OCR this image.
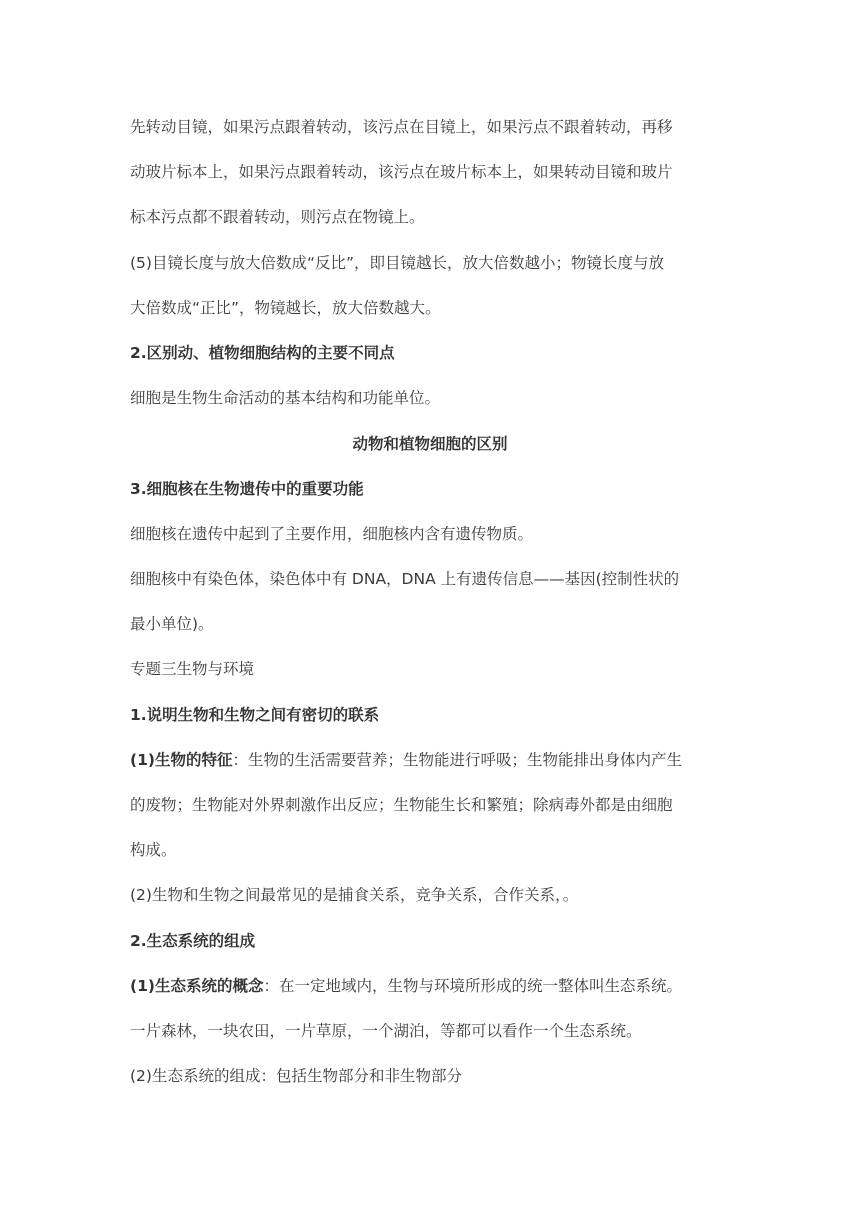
先转动目镜，如果污点跟着转动，该污点在目镜上，如果污点不跟着转动，再移
动玻片标本上，如果污点跟着转动，该污点在玻片标本上，如果转动目镜和玻片
标本污点都不跟着转动，则污点在物镜上。
(5)目镜长度与放大倍数成“反比”，即目镜越长，放大倍数越小；物镜长度与放
大倍数成“正比”，物镜越长，放大倍数越大。
2.区别动、植物细胞结构的主要不同点
细胞是生物生命活动的基本结构和功能单位。
动物和植物细胞的区别
3.细胞核在生物遗传中的重要功能
细胞核在遗传中起到了主要作用，细胞核内含有遗传物质。
细胞核中有染色体，染色体中有 DNA，DNA 上有遗传信息——基因(控制性状的
最小单位)。
专题三生物与环境
1.说明生物和生物之间有密切的联系
(1)生物的特征：生物的生活需要营养；生物能进行呼吸；生物能排出身体内产生
的废物；生物能对外界刺激作出反应；生物能生长和繁殖；除病毒外都是由细胞
构成。
(2)生物和生物之间最常见的是捕食关系，竞争关系，合作关系，。
2.生态系统的组成
(1)生态系统的概念：在一定地域内，生物与环境所形成的统一整体叫生态系统。
一片森林，一块农田，一片草原，一个湖泊，等都可以看作一个生态系统。
(2)生态系统的组成：包括生物部分和非生物部分
